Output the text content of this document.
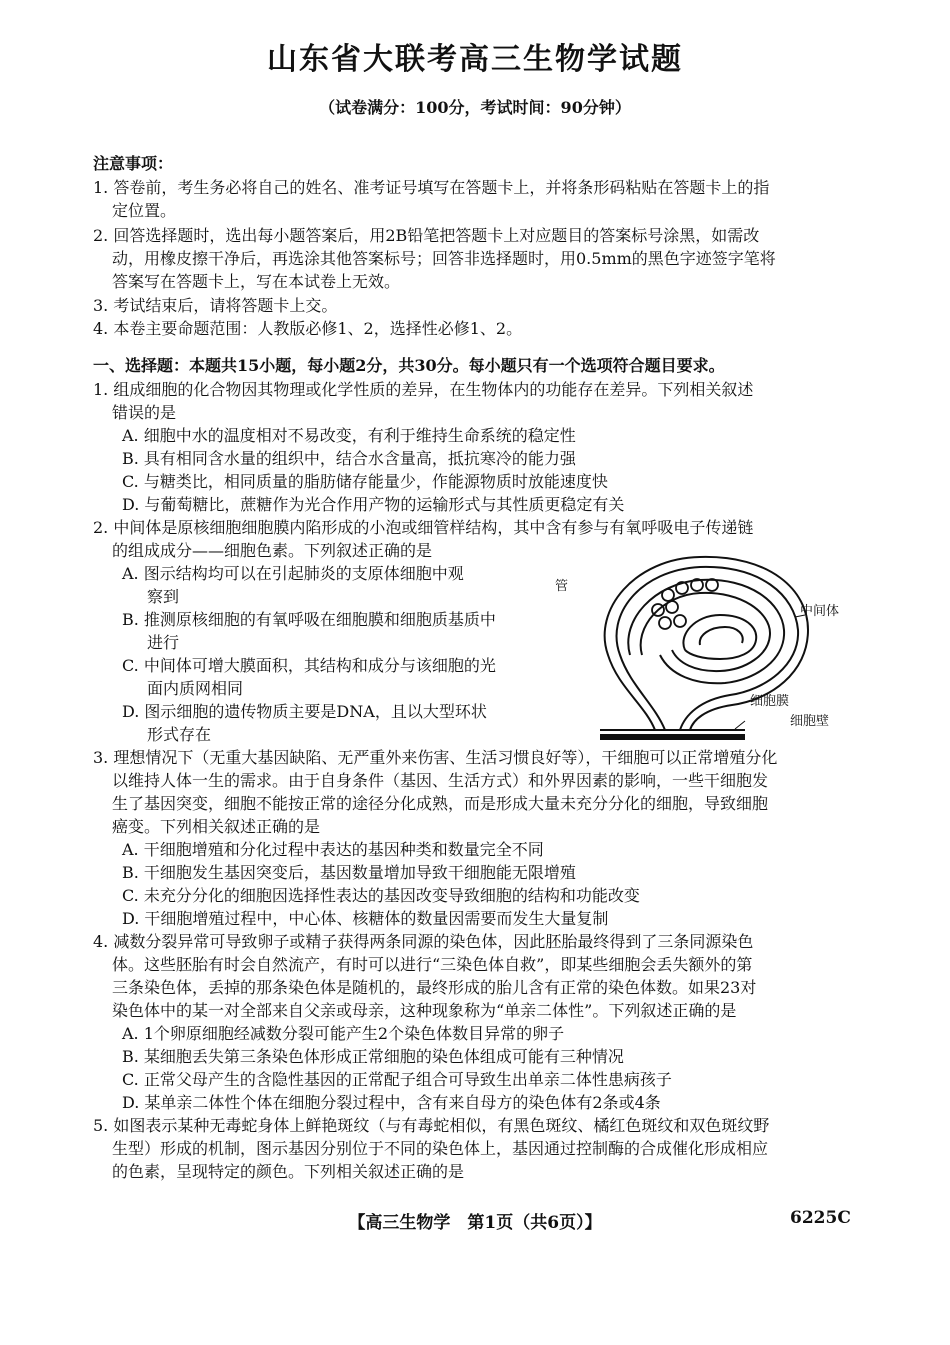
山东省大联考高三生物学试题
（试卷满分：100分，考试时间：90分钟）
注意事项：
1. 答卷前，考生务必将自己的姓名、准考证号填写在答题卡上，并将条形码粘贴在答题卡上的指
定位置。
2. 回答选择题时，选出每小题答案后，用2B铅笔把答题卡上对应题目的答案标号涂黑，如需改
动，用橡皮擦干净后，再选涂其他答案标号；回答非选择题时，用0.5mm的黑色字迹签字笔将
答案写在答题卡上，写在本试卷上无效。
3. 考试结束后，请将答题卡上交。
4. 本卷主要命题范围：人教版必修1、2，选择性必修1、2。
一、选择题：本题共15小题，每小题2分，共30分。每小题只有一个选项符合题目要求。
1. 组成细胞的化合物因其物理或化学性质的差异，在生物体内的功能存在差异。下列相关叙述
错误的是
A. 细胞中水的温度相对不易改变，有利于维持生命系统的稳定性
B. 具有相同含水量的组织中，结合水含量高，抵抗寒冷的能力强
C. 与糖类比，相同质量的脂肪储存能量少，作能源物质时放能速度快
D. 与葡萄糖比，蔗糖作为光合作用产物的运输形式与其性质更稳定有关
2. 中间体是原核细胞细胞膜内陷形成的小泡或细管样结构，其中含有参与有氧呼吸电子传递链
的组成成分——细胞色素。下列叙述正确的是
A. 图示结构均可以在引起肺炎的支原体细胞中观
察到
B. 推测原核细胞的有氧呼吸在细胞膜和细胞质基质中
进行
C. 中间体可增大膜面积，其结构和成分与该细胞的光
面内质网相同
D. 图示细胞的遗传物质主要是DNA，且以大型环状
形式存在
管
中间体
细胞膜
细胞壁
3. 理想情况下（无重大基因缺陷、无严重外来伤害、生活习惯良好等），干细胞可以正常增殖分化
以维持人体一生的需求。由于自身条件（基因、生活方式）和外界因素的影响，一些干细胞发
生了基因突变，细胞不能按正常的途径分化成熟，而是形成大量未充分分化的细胞，导致细胞
癌变。下列相关叙述正确的是
A. 干细胞增殖和分化过程中表达的基因种类和数量完全不同
B. 干细胞发生基因突变后，基因数量增加导致干细胞能无限增殖
C. 未充分分化的细胞因选择性表达的基因改变导致细胞的结构和功能改变
D. 干细胞增殖过程中，中心体、核糖体的数量因需要而发生大量复制
4. 减数分裂异常可导致卵子或精子获得两条同源的染色体，因此胚胎最终得到了三条同源染色
体。这些胚胎有时会自然流产，有时可以进行“三染色体自救”，即某些细胞会丢失额外的第
三条染色体，丢掉的那条染色体是随机的，最终形成的胎儿含有正常的染色体数。如果23对
染色体中的某一对全部来自父亲或母亲，这种现象称为“单亲二体性”。下列叙述正确的是
A. 1个卵原细胞经减数分裂可能产生2个染色体数目异常的卵子
B. 某细胞丢失第三条染色体形成正常细胞的染色体组成可能有三种情况
C. 正常父母产生的含隐性基因的正常配子组合可导致生出单亲二体性患病孩子
D. 某单亲二体性个体在细胞分裂过程中，含有来自母方的染色体有2条或4条
5. 如图表示某种无毒蛇身体上鲜艳斑纹（与有毒蛇相似，有黑色斑纹、橘红色斑纹和双色斑纹野
生型）形成的机制，图示基因分别位于不同的染色体上，基因通过控制酶的合成催化形成相应
的色素，呈现特定的颜色。下列相关叙述正确的是
【高三生物学　第1页（共6页）】	6225C
